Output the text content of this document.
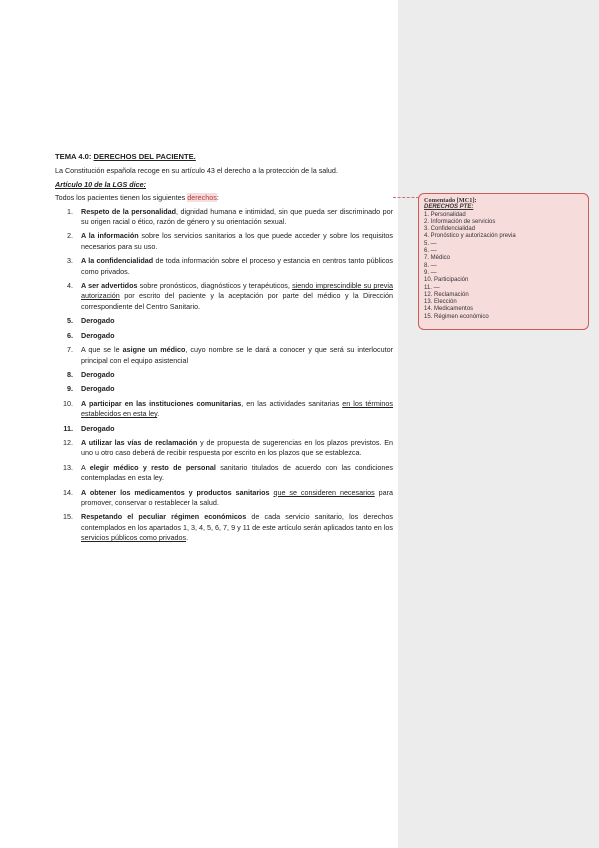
TEMA 4.0: DERECHOS DEL PACIENTE.
La Constitución española recoge en su artículo 43 el derecho a la protección de la salud.
Artículo 10 de la LGS dice:
Todos los pacientes tienen los siguientes derechos:
1. Respeto de la personalidad, dignidad humana e intimidad, sin que pueda ser discriminado por su origen racial o ético, razón de género y su orientación sexual.
2. A la información sobre los servicios sanitarios a los que puede acceder y sobre los requisitos necesarios para su uso.
3. A la confidencialidad de toda información sobre el proceso y estancia en centros tanto públicos como privados.
4. A ser advertidos sobre pronósticos, diagnósticos y terapéuticos, siendo imprescindible su previa autorización por escrito del paciente y la aceptación por parte del médico y la Dirección correspondiente del Centro Sanitario.
5. Derogado
6. Derogado
7. A que se le asigne un médico, cuyo nombre se le dará a conocer y que será su interlocutor principal con el equipo asistencial
8. Derogado
9. Derogado
10. A participar en las instituciones comunitarias, en las actividades sanitarias en los términos establecidos en esta ley.
11. Derogado
12. A utilizar las vías de reclamación y de propuesta de sugerencias en los plazos previstos. En uno u otro caso deberá de recibir respuesta por escrito en los plazos que se establezca.
13. A elegir médico y resto de personal sanitario titulados de acuerdo con las condiciones contempladas en esta ley.
14. A obtener los medicamentos y productos sanitarios que se consideren necesarios para promover, conservar o restablecer la salud.
15. Respetando el peculiar régimen económicos de cada servicio sanitario, los derechos contemplados en los apartados 1, 3, 4, 5, 6, 7, 9 y 11 de este artículo serán aplicados tanto en los servicios públicos como privados.
Comentado [MC1]:
DERECHOS PTE:
1. Personalidad
2. Información de servicios
3. Confidencialidad
4. Pronóstico y autorización previa
5. —
6. —
7. Médico
8. —
9. —
10. Participación
11. —
12. Reclamación
13. Elección
14. Medicamentos
15. Régimen económico
